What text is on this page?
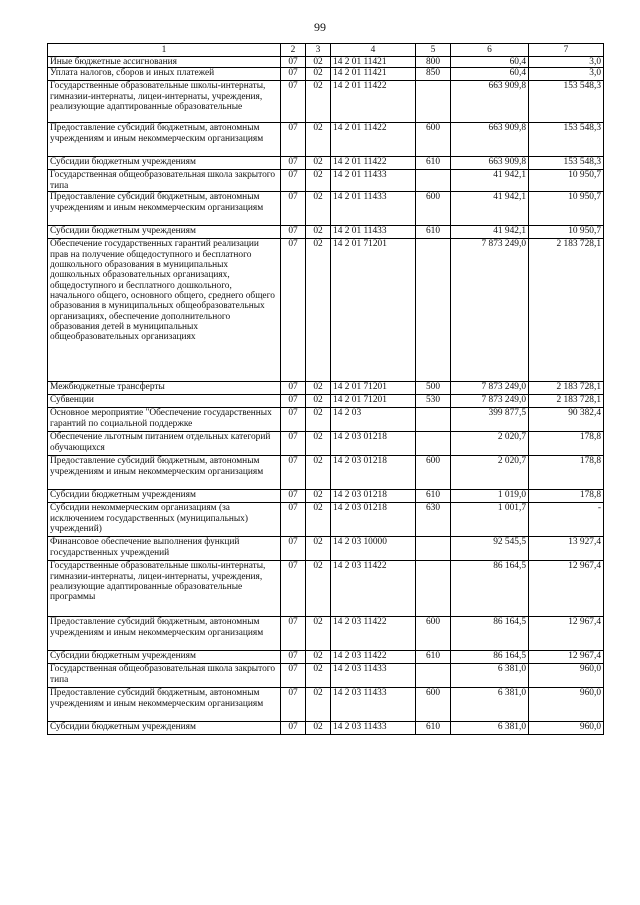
99
1	2	3	4	5	6	7
Иные бюджетные ассигнования	07	02	14 2 01 11421	800	60,4	3,0
Уплата налогов, сборов и иных платежей	07	02	14 2 01 11421	850	60,4	3,0
Государственные образовательные школы-интернаты, гимназии-интернаты, лицеи-интернаты, учреждения, реализующие адаптированные образовательные	07	02	14 2 01 11422		663 909,8	153 548,3
Предоставление субсидий бюджетным, автономным учреждениям и иным некоммерческим организациям	07	02	14 2 01 11422	600	663 909,8	153 548,3
Субсидии бюджетным учреждениям	07	02	14 2 01 11422	610	663 909,8	153 548,3
Государственная общеобразовательная школа закрытого типа	07	02	14 2 01 11433		41 942,1	10 950,7
Предоставление субсидий бюджетным, автономным учреждениям и иным некоммерческим организациям	07	02	14 2 01 11433	600	41 942,1	10 950,7
Субсидии бюджетным учреждениям	07	02	14 2 01 11433	610	41 942,1	10 950,7
Обеспечение государственных гарантий реализации прав на получение общедоступного и бесплатного дошкольного образования в муниципальных дошкольных образовательных организациях, общедоступного и бесплатного дошкольного, начального общего, основного общего, среднего общего образования в муниципальных общеобразовательных организациях, обеспечение дополнительного образования детей в муниципальных общеобразовательных организациях	07	02	14 2 01 71201		7 873 249,0	2 183 728,1
Межбюджетные трансферты	07	02	14 2 01 71201	500	7 873 249,0	2 183 728,1
Субвенции	07	02	14 2 01 71201	530	7 873 249,0	2 183 728,1
Основное мероприятие "Обеспечение государственных гарантий по социальной поддержке	07	02	14 2 03		399 877,5	90 382,4
Обеспечение льготным питанием отдельных категорий обучающихся	07	02	14 2 03 01218		2 020,7	178,8
Предоставление субсидий бюджетным, автономным учреждениям и иным некоммерческим организациям	07	02	14 2 03 01218	600	2 020,7	178,8
Субсидии бюджетным учреждениям	07	02	14 2 03 01218	610	1 019,0	178,8
Субсидии некоммерческим организациям (за исключением государственных (муниципальных) учреждений)	07	02	14 2 03 01218	630	1 001,7	-
Финансовое обеспечение выполнения функций государственных учреждений	07	02	14 2 03 10000		92 545,5	13 927,4
Государственные образовательные школы-интернаты, гимназии-интернаты, лицеи-интернаты, учреждения, реализующие адаптированные образовательные программы	07	02	14 2 03 11422		86 164,5	12 967,4
Предоставление субсидий бюджетным, автономным учреждениям и иным некоммерческим организациям	07	02	14 2 03 11422	600	86 164,5	12 967,4
Субсидии бюджетным учреждениям	07	02	14 2 03 11422	610	86 164,5	12 967,4
Государственная общеобразовательная школа закрытого типа	07	02	14 2 03 11433		6 381,0	960,0
Предоставление субсидий бюджетным, автономным учреждениям и иным некоммерческим организациям	07	02	14 2 03 11433	600	6 381,0	960,0
Субсидии бюджетным учреждениям	07	02	14 2 03 11433	610	6 381,0	960,0
